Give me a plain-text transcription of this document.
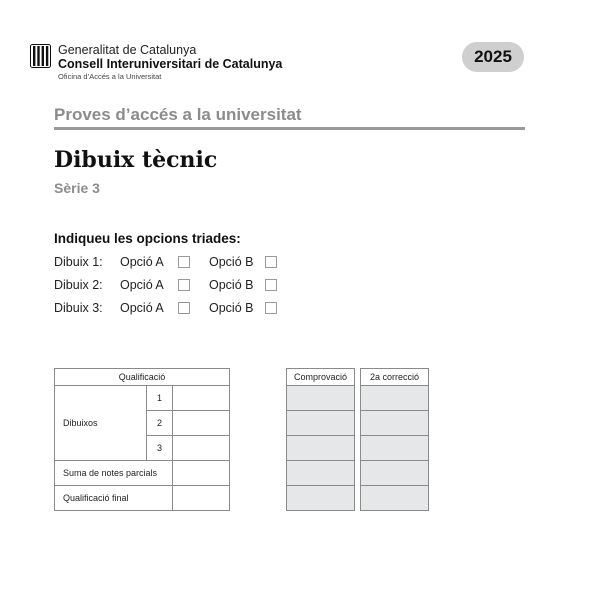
Generalitat de Catalunya
Consell Interuniversitari de Catalunya
Oficina d’Accés a la Universitat
2025
Proves d’accés a la universitat
Dibuix tècnic
Sèrie 3
Indiqueu les opcions triades:
Dibuix 1: Opció A	Opció B
Dibuix 2: Opció A	Opció B
Dibuix 3: Opció A	Opció B
Qualificació		
Dibuixos	1	
	2	
	3	
Suma de notes parcials		
Qualificació final		
Comprovació		2a correcció
